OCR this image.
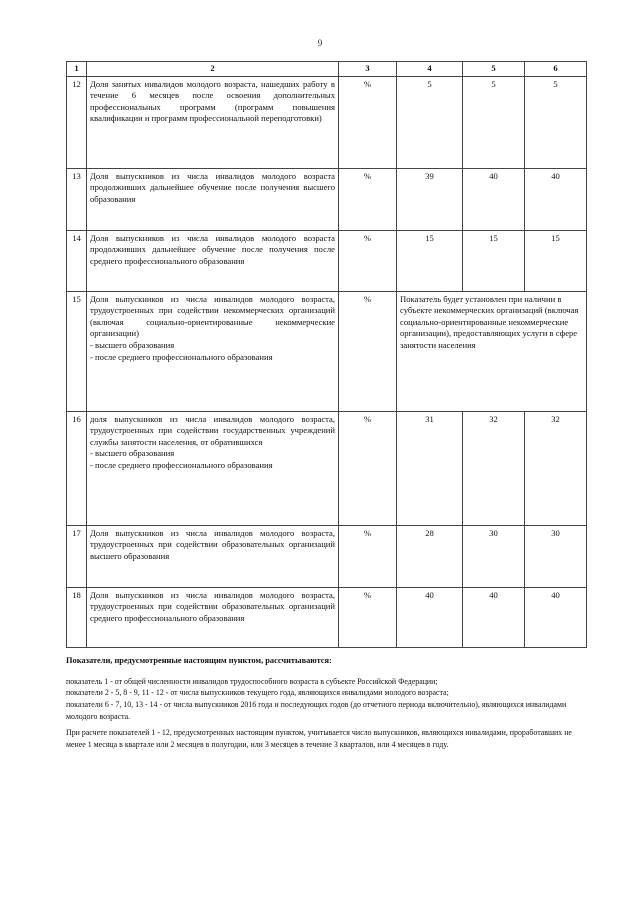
9
1	2	3	4	5	6
12	Доля занятых инвалидов молодого возраста, нашедших работу в течение 6 месяцев после освоения дополнительных профессиональных программ (программ повышения квалификации и программ профессиональной переподготовки)	%	5	5	5
13	Доля выпускников из числа инвалидов молодого возраста продолживших дальнейшее обучение после получения высшего образования	%	39	40	40
14	Доля выпускников из числа инвалидов молодого возраста продолживших дальнейшее обучение после получения после среднего профессионального образования	%	15	15	15
15	Доля выпускников из числа инвалидов молодого возраста, трудоустроенных при содействии некоммерческих организаций (включая социально-ориентированные некоммерческие организации)
- высшего образования
- после среднего профессионального образования	%	Показатель будет установлен при наличии в субъекте некоммерческих организаций (включая социально-ориентированные некоммерческие организации), предоставляющих услуги в сфере занятости населения		
16	доля выпускников из числа инвалидов молодого возраста, трудоустроенных при содействии государственных учреждений службы занятости населения, от обратившихся
- высшего образования
- после среднего профессионального образования	%	31	32	32
17	Доля выпускников из числа инвалидов молодого возраста, трудоустроенных при содействии образовательных организаций высшего образования	%	28	30	30
18	Доля выпускников из числа инвалидов молодого возраста, трудоустроенных при содействии образовательных организаций среднего профессионального образования	%	40	40	40
Показатели, предусмотренные настоящим пунктом, рассчитываются:

показатель 1 - от общей численности инвалидов трудоспособного возраста в субъекте Российской Федерации;

показатели 2 - 5, 8 - 9, 11 - 12 - от числа выпускников текущего года, являющихся инвалидами молодого возраста;

показатели 6 - 7, 10, 13 - 14 - от числа выпускников 2016 года и последующих годов (до отчетного периода включительно), являющихся инвалидами молодого возраста.

При расчете показателей 1 - 12, предусмотренных настоящим пунктом, учитывается число выпускников, являющихся инвалидами, проработавших не менее 1 месяца в квартале или 2 месяцев в полугодии, или 3 месяцев в течение 3 кварталов, или 4 месяцев в году.
